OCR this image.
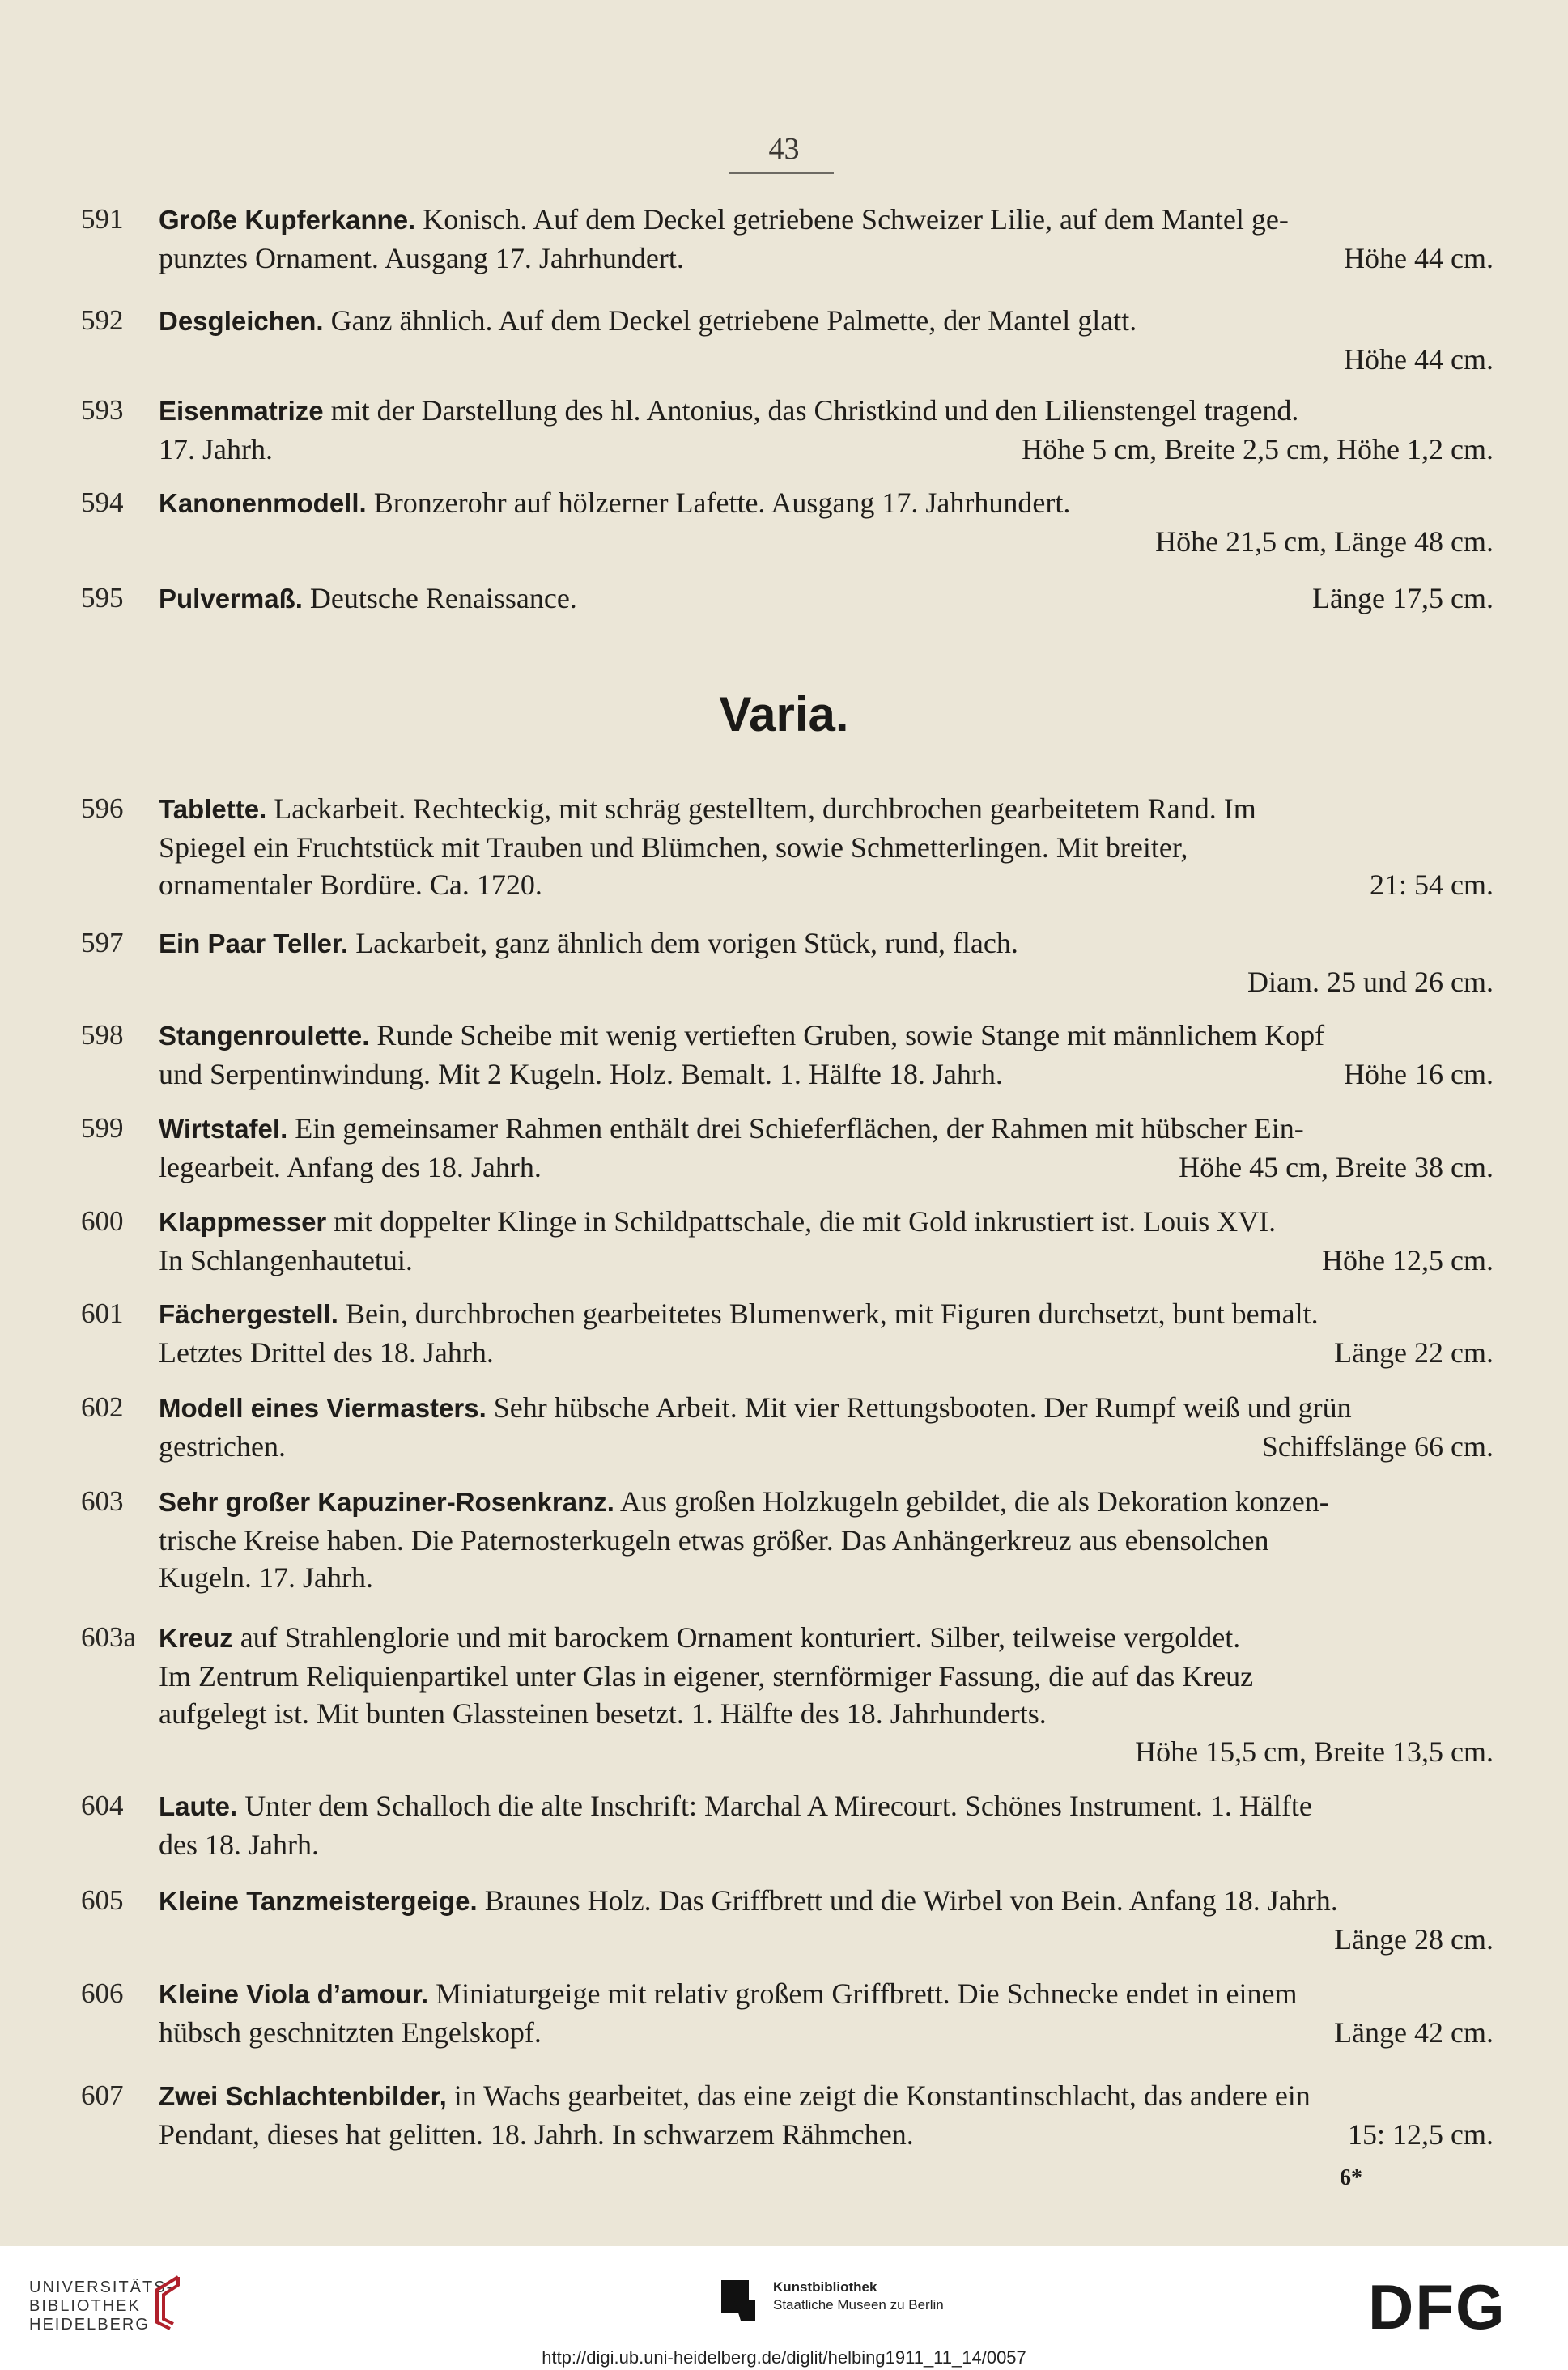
43
591	Große Kupferkanne. Konisch. Auf dem Deckel getriebene Schweizer Lilie, auf dem Mantel ge-
punztes Ornament. Ausgang 17. Jahrhundert.	Höhe 44 cm.
592	Desgleichen. Ganz ähnlich. Auf dem Deckel getriebene Palmette, der Mantel glatt.
Höhe 44 cm.
593	Eisenmatrize mit der Darstellung des hl. Antonius, das Christkind und den Lilienstengel tragend.
17. Jahrh.	Höhe 5 cm, Breite 2,5 cm, Höhe 1,2 cm.
594	Kanonenmodell. Bronzerohr auf hölzerner Lafette. Ausgang 17. Jahrhundert.
Höhe 21,5 cm, Länge 48 cm.
595	Pulvermaß. Deutsche Renaissance.	Länge 17,5 cm.
596	Tablette. Lackarbeit. Rechteckig, mit schräg gestelltem, durchbrochen gearbeitetem Rand. Im
Spiegel ein Fruchtstück mit Trauben und Blümchen, sowie Schmetterlingen. Mit breiter,
ornamentaler Bordüre. Ca. 1720.	21: 54 cm.
597	Ein Paar Teller. Lackarbeit, ganz ähnlich dem vorigen Stück, rund, flach.
Diam. 25 und 26 cm.
598	Stangenroulette. Runde Scheibe mit wenig vertieften Gruben, sowie Stange mit männlichem Kopf
und Serpentinwindung. Mit 2 Kugeln. Holz. Bemalt. 1. Hälfte 18. Jahrh.	Höhe 16 cm.
599	Wirtstafel. Ein gemeinsamer Rahmen enthält drei Schieferflächen, der Rahmen mit hübscher Ein-
legearbeit. Anfang des 18. Jahrh.	Höhe 45 cm, Breite 38 cm.
600	Klappmesser mit doppelter Klinge in Schildpattschale, die mit Gold inkrustiert ist. Louis XVI.
In Schlangenhautetui.	Höhe 12,5 cm.
601	Fächergestell. Bein, durchbrochen gearbeitetes Blumenwerk, mit Figuren durchsetzt, bunt bemalt.
Letztes Drittel des 18. Jahrh.	Länge 22 cm.
602	Modell eines Viermasters. Sehr hübsche Arbeit. Mit vier Rettungsbooten. Der Rumpf weiß und grün
gestrichen.	Schiffslänge 66 cm.
603	Sehr großer Kapuziner-Rosenkranz. Aus großen Holzkugeln gebildet, die als Dekoration konzen-
trische Kreise haben. Die Paternosterkugeln etwas größer. Das Anhängerkreuz aus ebensolchen
Kugeln. 17. Jahrh.
603a Kreuz auf Strahlenglorie und mit barockem Ornament konturiert. Silber, teilweise vergoldet.
Im Zentrum Reliquienpartikel unter Glas in eigener, sternförmiger Fassung, die auf das Kreuz
aufgelegt ist. Mit bunten Glassteinen besetzt. 1. Hälfte des 18. Jahrhunderts.
Höhe 15,5 cm, Breite 13,5 cm.
604	Laute. Unter dem Schalloch die alte Inschrift: Marchal A Mirecourt. Schönes Instrument. 1. Hälfte
des 18. Jahrh.
605	Kleine Tanzmeistergeige. Braunes Holz. Das Griffbrett und die Wirbel von Bein. Anfang 18. Jahrh.
Länge 28 cm.
606	Kleine Viola d’amour. Miniaturgeige mit relativ großem Griffbrett. Die Schnecke endet in einem
hübsch geschnitzten Engelskopf.	Länge 42 cm.
607	Zwei Schlachtenbilder, in Wachs gearbeitet, das eine zeigt die Konstantinschlacht, das andere ein
Pendant, dieses hat gelitten. 18. Jahrh. In schwarzem Rähmchen.	15: 12,5 cm.
Varia.
6*
UNIVERSITÄTS-
BIBLIOTHEK
HEIDELBERG
Kunstbibliothek
Staatliche Museen zu Berlin	DFG
http://digi.ub.uni-heidelberg.de/diglit/helbing1911_11_14/0057
